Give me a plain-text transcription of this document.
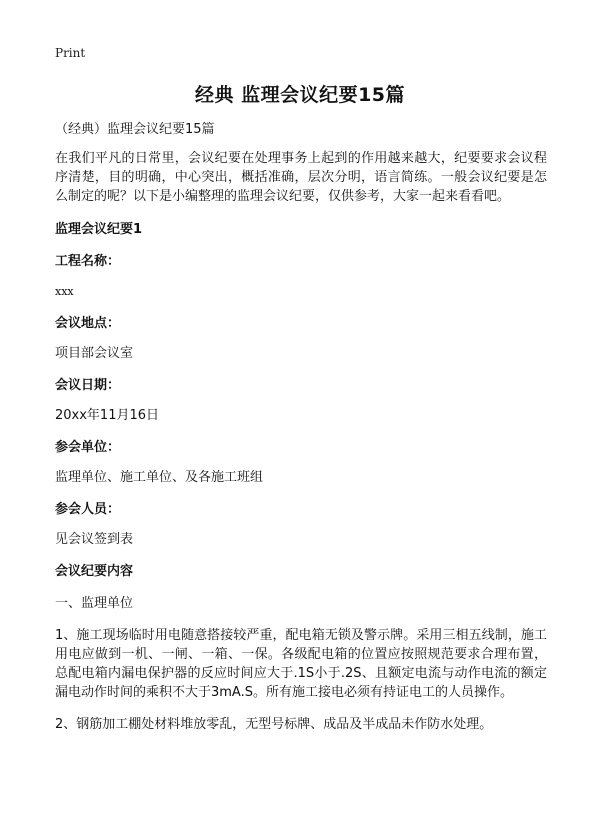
Print
经典 监理会议纪要15篇

（经典）监理会议纪要15篇

在我们平凡的日常里，会议纪要在处理事务上起到的作用越来越大，纪要要求会议程序清楚，目的明确，中心突出，概括准确，层次分明，语言简练。一般会议纪要是怎么制定的呢？以下是小编整理的监理会议纪要，仅供参考，大家一起来看看吧。

监理会议纪要1

工程名称：

xxx

会议地点：

项目部会议室

会议日期：

20xx年11月16日

参会单位：

监理单位、施工单位、及各施工班组

参会人员：

见会议签到表

会议纪要内容

一、监理单位

1、施工现场临时用电随意搭接较严重，配电箱无锁及警示牌。采用三相五线制，施工用电应做到一机、一闸、一箱、一保。各级配电箱的位置应按照规范要求合理布置，总配电箱内漏电保护器的反应时间应大于.1S小于.2S、且额定电流与动作电流的额定漏电动作时间的乘积不大于3mA.S。所有施工接电必须有持证电工的人员操作。

2、钢筋加工棚处材料堆放零乱，无型号标牌、成品及半成品未作防水处理。
